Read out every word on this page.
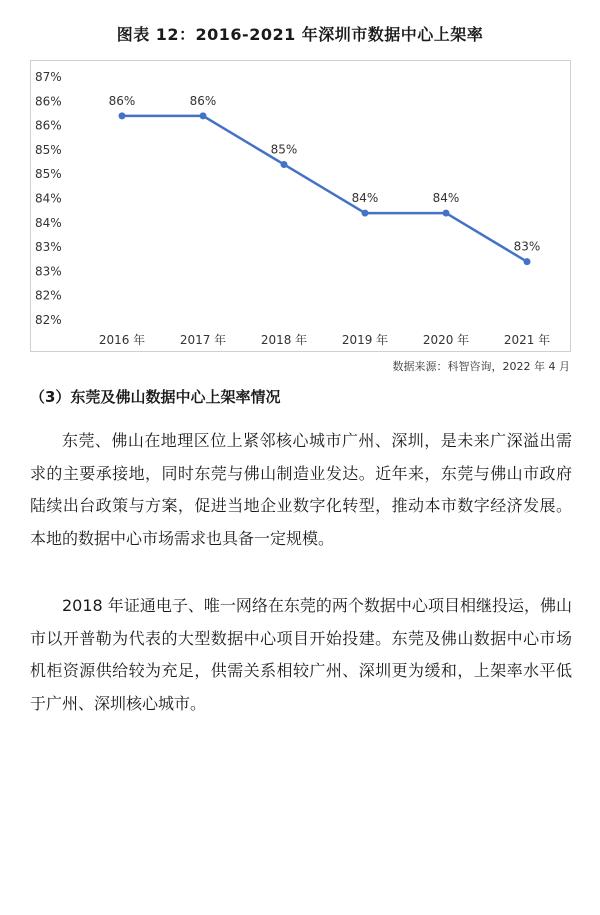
图表 12：2016-2021 年深圳市数据中心上架率
87%
86%
86%
85%
85%
84%
84%
83%
83%
82%
82%
2016 年	2017 年	2018 年	2019 年	2020 年	2021 年
86%	86%
85%
84%	84%
83%
数据来源：科智咨询，2022 年 4 月
（3）东莞及佛山数据中心上架率情况

东莞、佛山在地理区位上紧邻核心城市广州、深圳，是未来广深溢出需求的主要承接地，同时东莞与佛山制造业发达。近年来，东莞与佛山市政府陆续出台政策与方案，促进当地企业数字化转型，推动本市数字经济发展。本地的数据中心市场需求也具备一定规模。

2018 年证通电子、唯一网络在东莞的两个数据中心项目相继投运，佛山市以开普勒为代表的大型数据中心项目开始投建。东莞及佛山数据中心市场机柜资源供给较为充足，供需关系相较广州、深圳更为缓和，上架率水平低于广州、深圳核心城市。
